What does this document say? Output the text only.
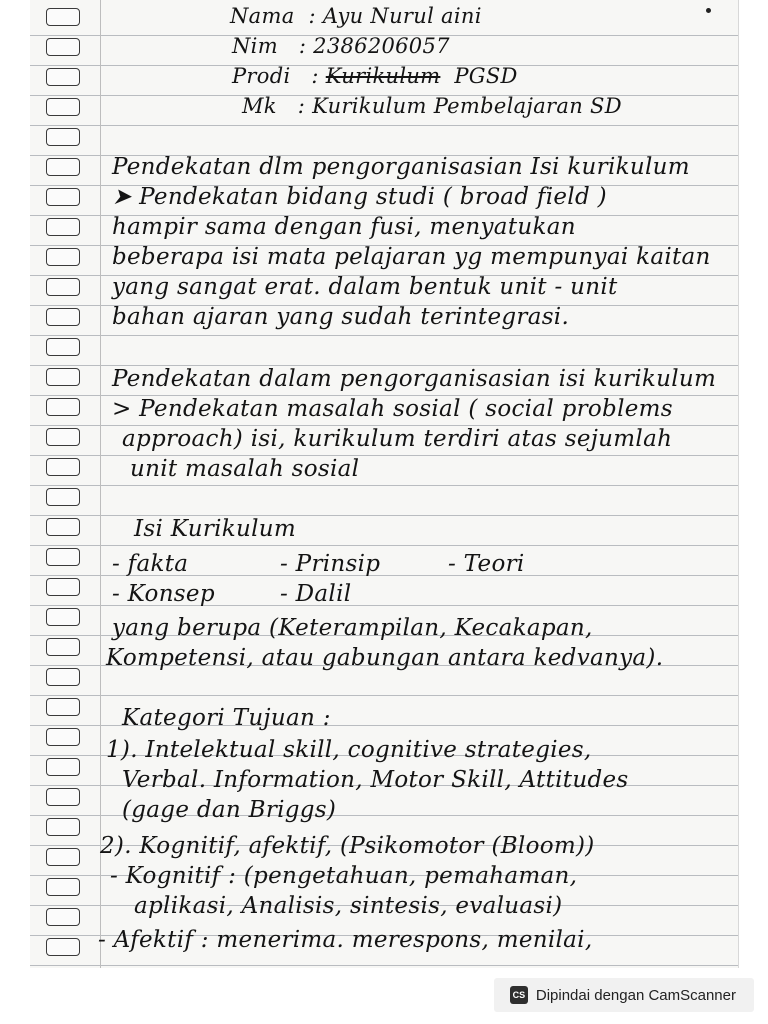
Nama  : Ayu Nurul aini

Nim   : 2386206057

Prodi   : Kurikulum PGSD

Mk   : Kurikulum Pembelajaran SD

Pendekatan dlm pengorganisasian Isi kurikulum

➤ Pendekatan bidang studi ( broad field )

hampir sama dengan fusi, menyatukan

beberapa isi mata pelajaran yg mempunyai kaitan

yang sangat erat. dalam bentuk unit - unit

bahan ajaran yang sudah terintegrasi.

Pendekatan dalam pengorganisasian isi kurikulum

> Pendekatan masalah sosial ( social problems

approach) isi, kurikulum terdiri atas sejumlah

unit masalah sosial

Isi Kurikulum

- fakta	- Prinsip	- Teori

- Konsep	- Dalil

yang berupa (Keterampilan, Kecakapan,

Kompetensi, atau gabungan antara kedvanya).

Kategori Tujuan :

1). Intelektual skill, cognitive strategies,

Verbal. Information, Motor Skill, Attitudes

(gage dan Briggs)

2). Kognitif, afektif, (Psikomotor (Bloom))

- Kognitif : (pengetahuan, pemahaman,

aplikasi, Analisis, sintesis, evaluasi)

- Afektif : menerima. merespons, menilai,

CS Dipindai dengan CamScanner
